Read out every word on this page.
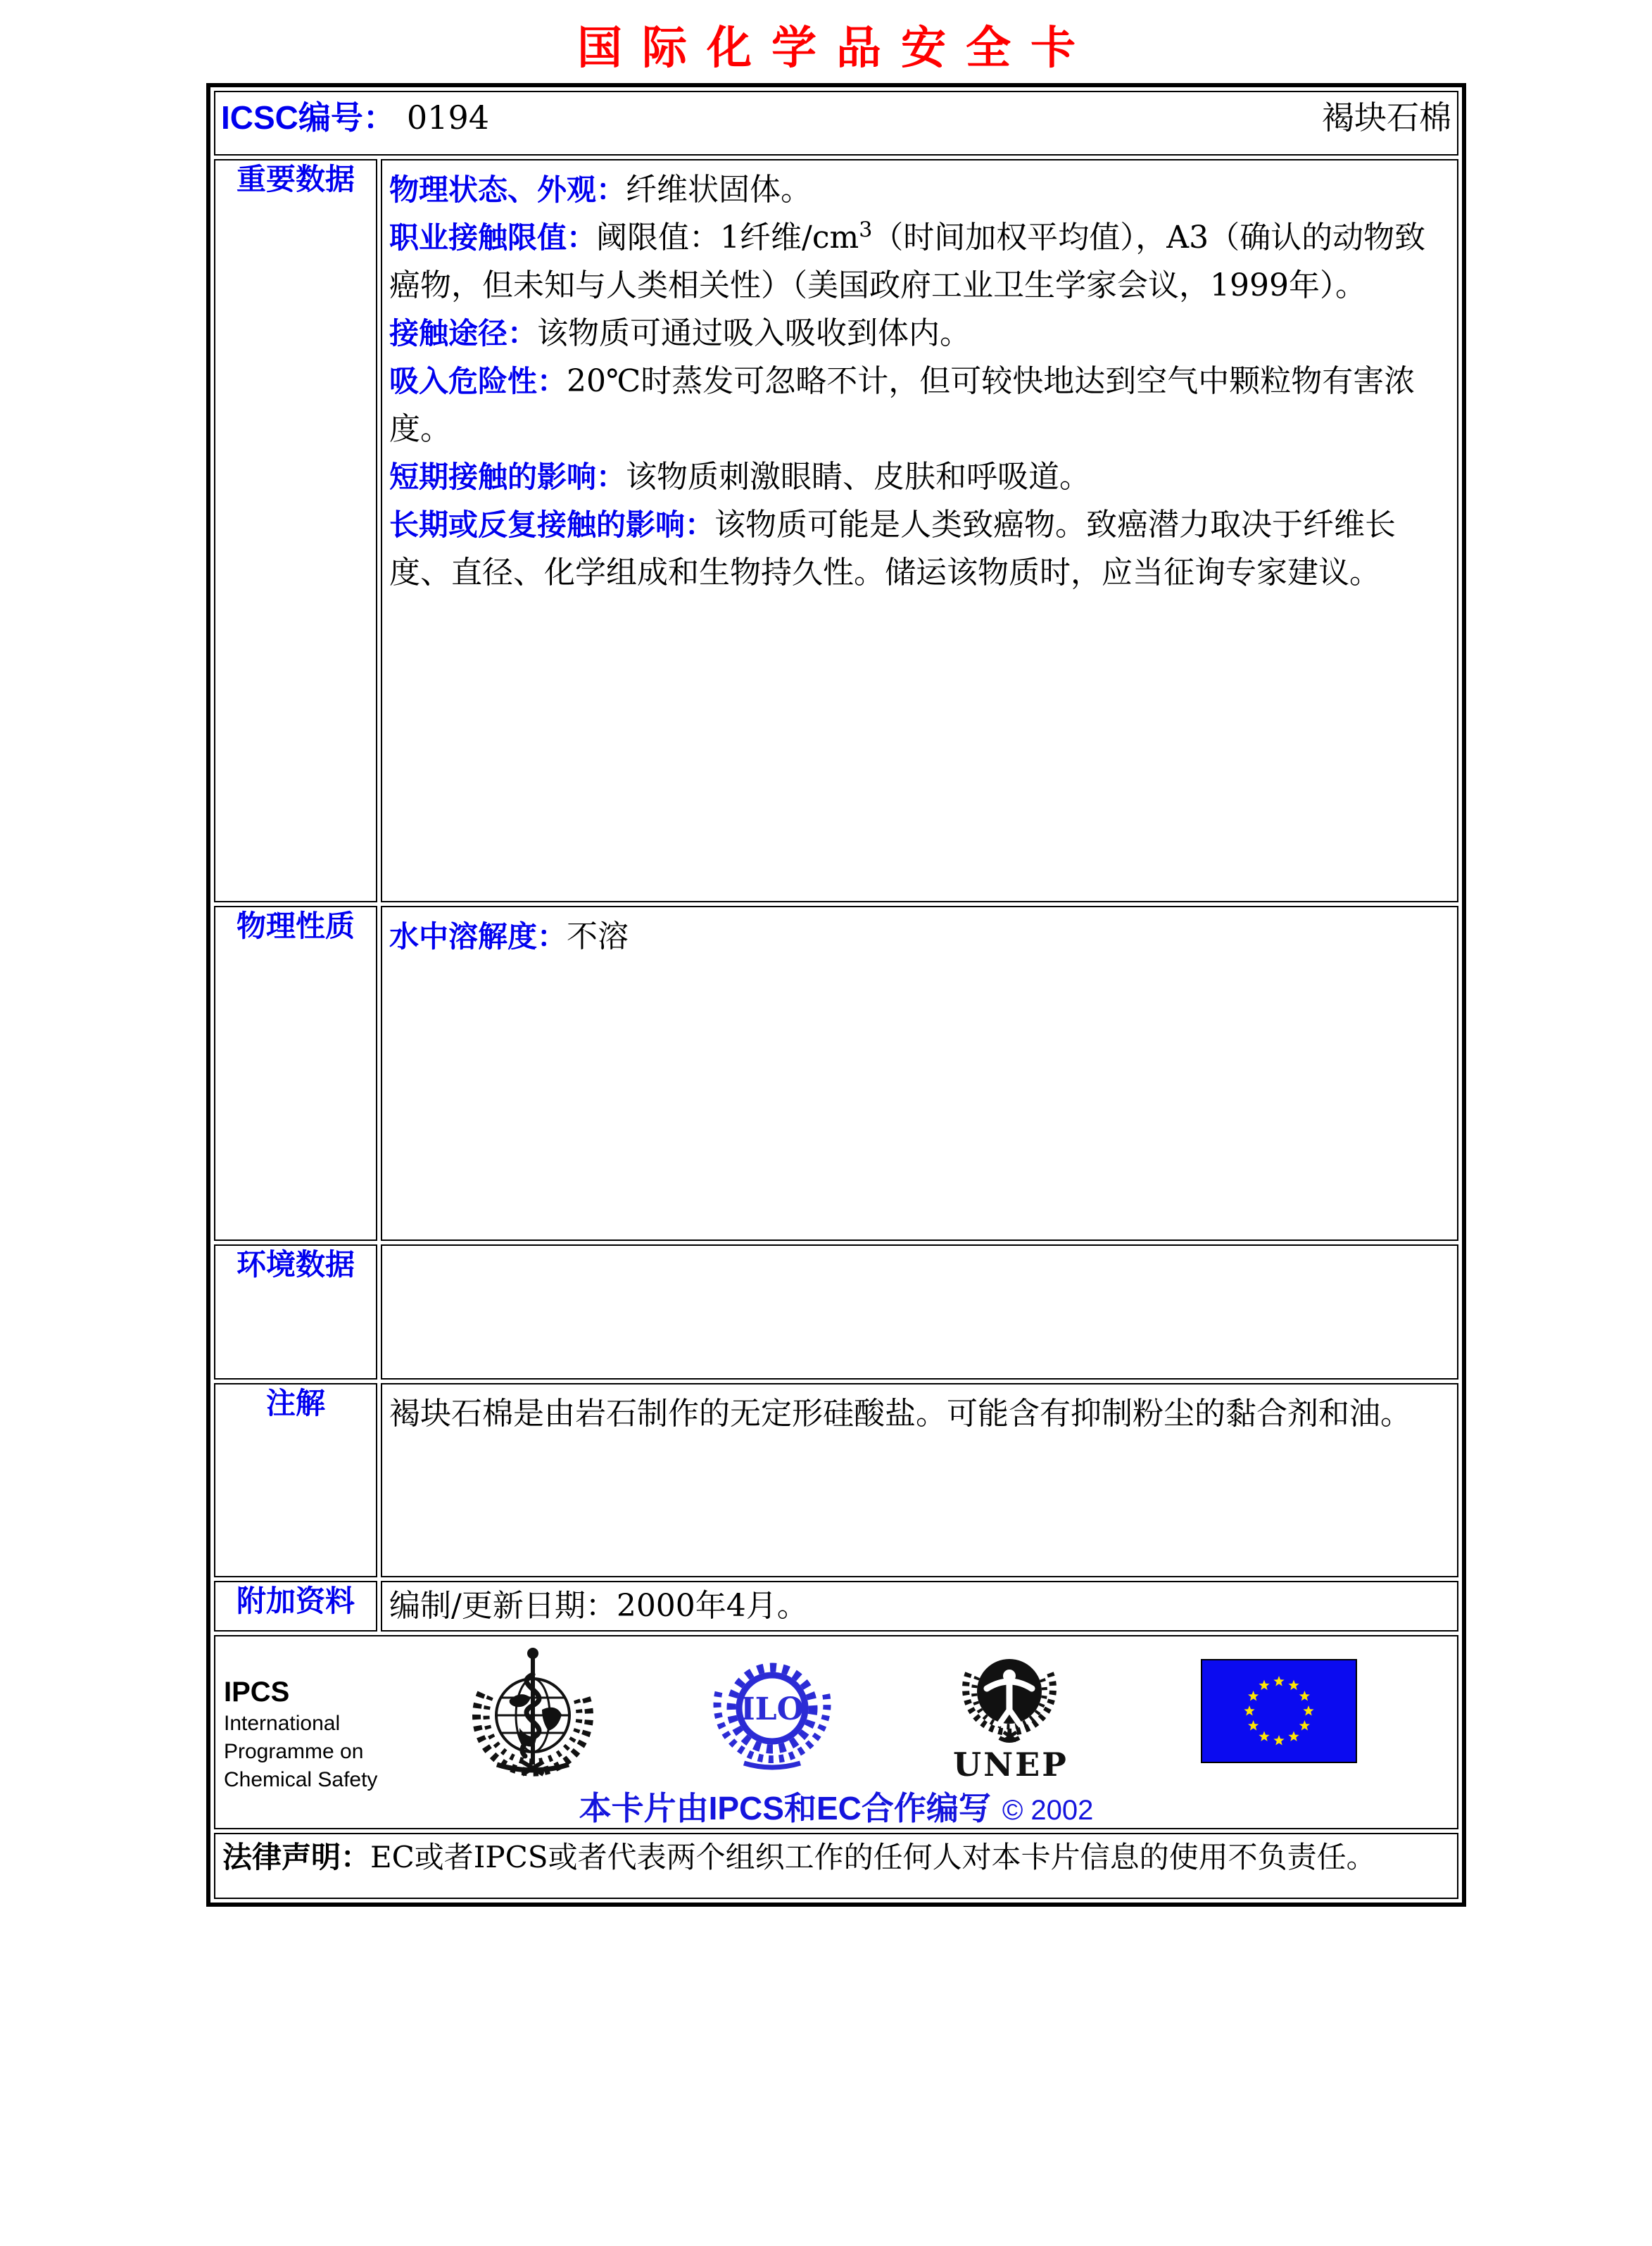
国际化学品安全卡
ICSC编号： 0194 褐块石棉	

重要数据	物理状态、外观：纤维状固体。
职业接触限值：阈限值：1纤维$/cm^3$（时间加权平均值），A3（确认的动物致癌物，但未知与人类相关性）（美国政府工业卫生学家会议，1999年）。
接触途径：该物质可通过吸入吸收到体内。
吸入危险性：20℃时蒸发可忽略不计，但可较快地达到空气中颗粒物有害浓度。
短期接触的影响：该物质刺激眼睛、皮肤和呼吸道。
长期或反复接触的影响：该物质可能是人类致癌物。致癌潜力取决于纤维长度、直径、化学组成和生物持久性。储运该物质时，应当征询专家建议。

物理性质	水中溶解度：不溶

环境数据	
注解	褐块石棉是由岩石制作的无定形硅酸盐。可能含有抑制粉尘的黏合剂和油。
附加资料	编制/更新日期：2000年4月。

IPCS
International
Programme on
Chemical Safety
ILO
UNEP
本卡片由IPCS和EC合作编写 © 2002

法律声明：EC或者IPCS或者代表两个组织工作的任何人对本卡片信息的使用不负责任。	
